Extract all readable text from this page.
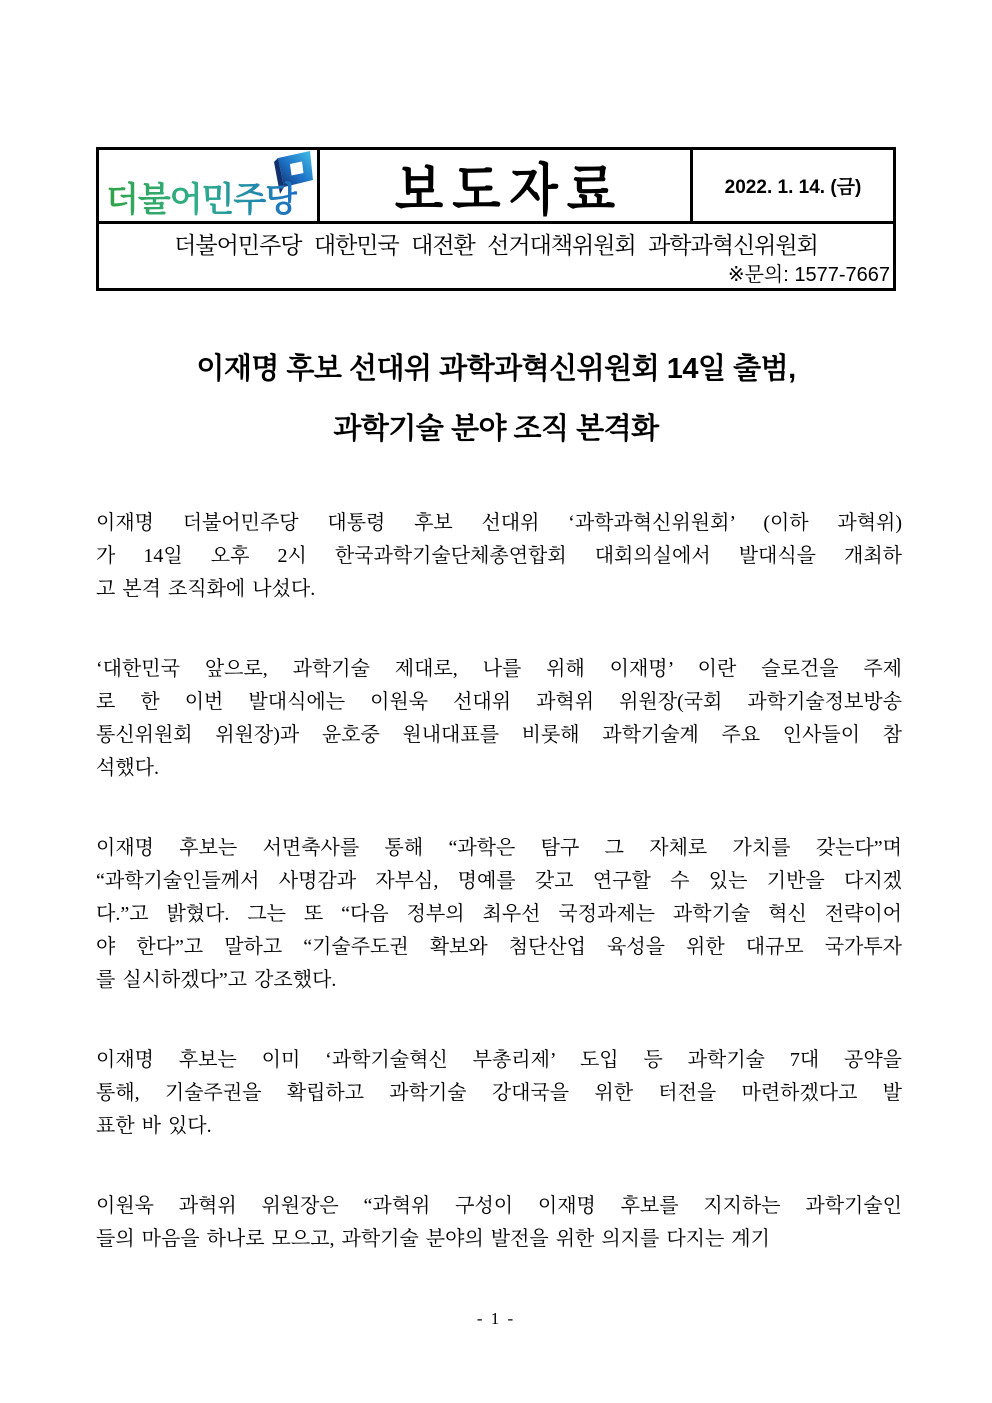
더불어민주당 보도자료	2022. 1. 14. (금)
더불어민주당 대한민국 대전환 선거대책위원회 과학과혁신위원회
※문의: 1577-7667
이재명 후보 선대위 과학과혁신위원회 14일 출범,
과학기술 분야 조직 본격화
이재명 더불어민주당 대통령 후보 선대위 ‘과학과혁신위원회’ (이하 과혁위)
가 14일 오후 2시 한국과학기술단체총연합회 대회의실에서 발대식을 개최하
고 본격 조직화에 나섰다.
‘대한민국 앞으로, 과학기술 제대로, 나를 위해 이재명’ 이란 슬로건을 주제
로 한 이번 발대식에는 이원욱 선대위 과혁위 위원장(국회 과학기술정보방송
통신위원회 위원장)과 윤호중 원내대표를 비롯해 과학기술계 주요 인사들이 참
석했다.
이재명 후보는 서면축사를 통해 “과학은 탐구 그 자체로 가치를 갖는다”며
“과학기술인들께서 사명감과 자부심, 명예를 갖고 연구할 수 있는 기반을 다지겠
다.”고 밝혔다. 그는 또 “다음 정부의 최우선 국정과제는 과학기술 혁신 전략이어
야 한다”고 말하고 “기술주도권 확보와 첨단산업 육성을 위한 대규모 국가투자
를 실시하겠다”고 강조했다.
이재명 후보는 이미 ‘과학기술혁신 부총리제’ 도입 등 과학기술 7대 공약을
통해, 기술주권을 확립하고 과학기술 강대국을 위한 터전을 마련하겠다고 발
표한 바 있다.
이원욱 과혁위 위원장은 “과혁위 구성이 이재명 후보를 지지하는 과학기술인
들의 마음을 하나로 모으고, 과학기술 분야의 발전을 위한 의지를 다지는 계기
- 1 -
